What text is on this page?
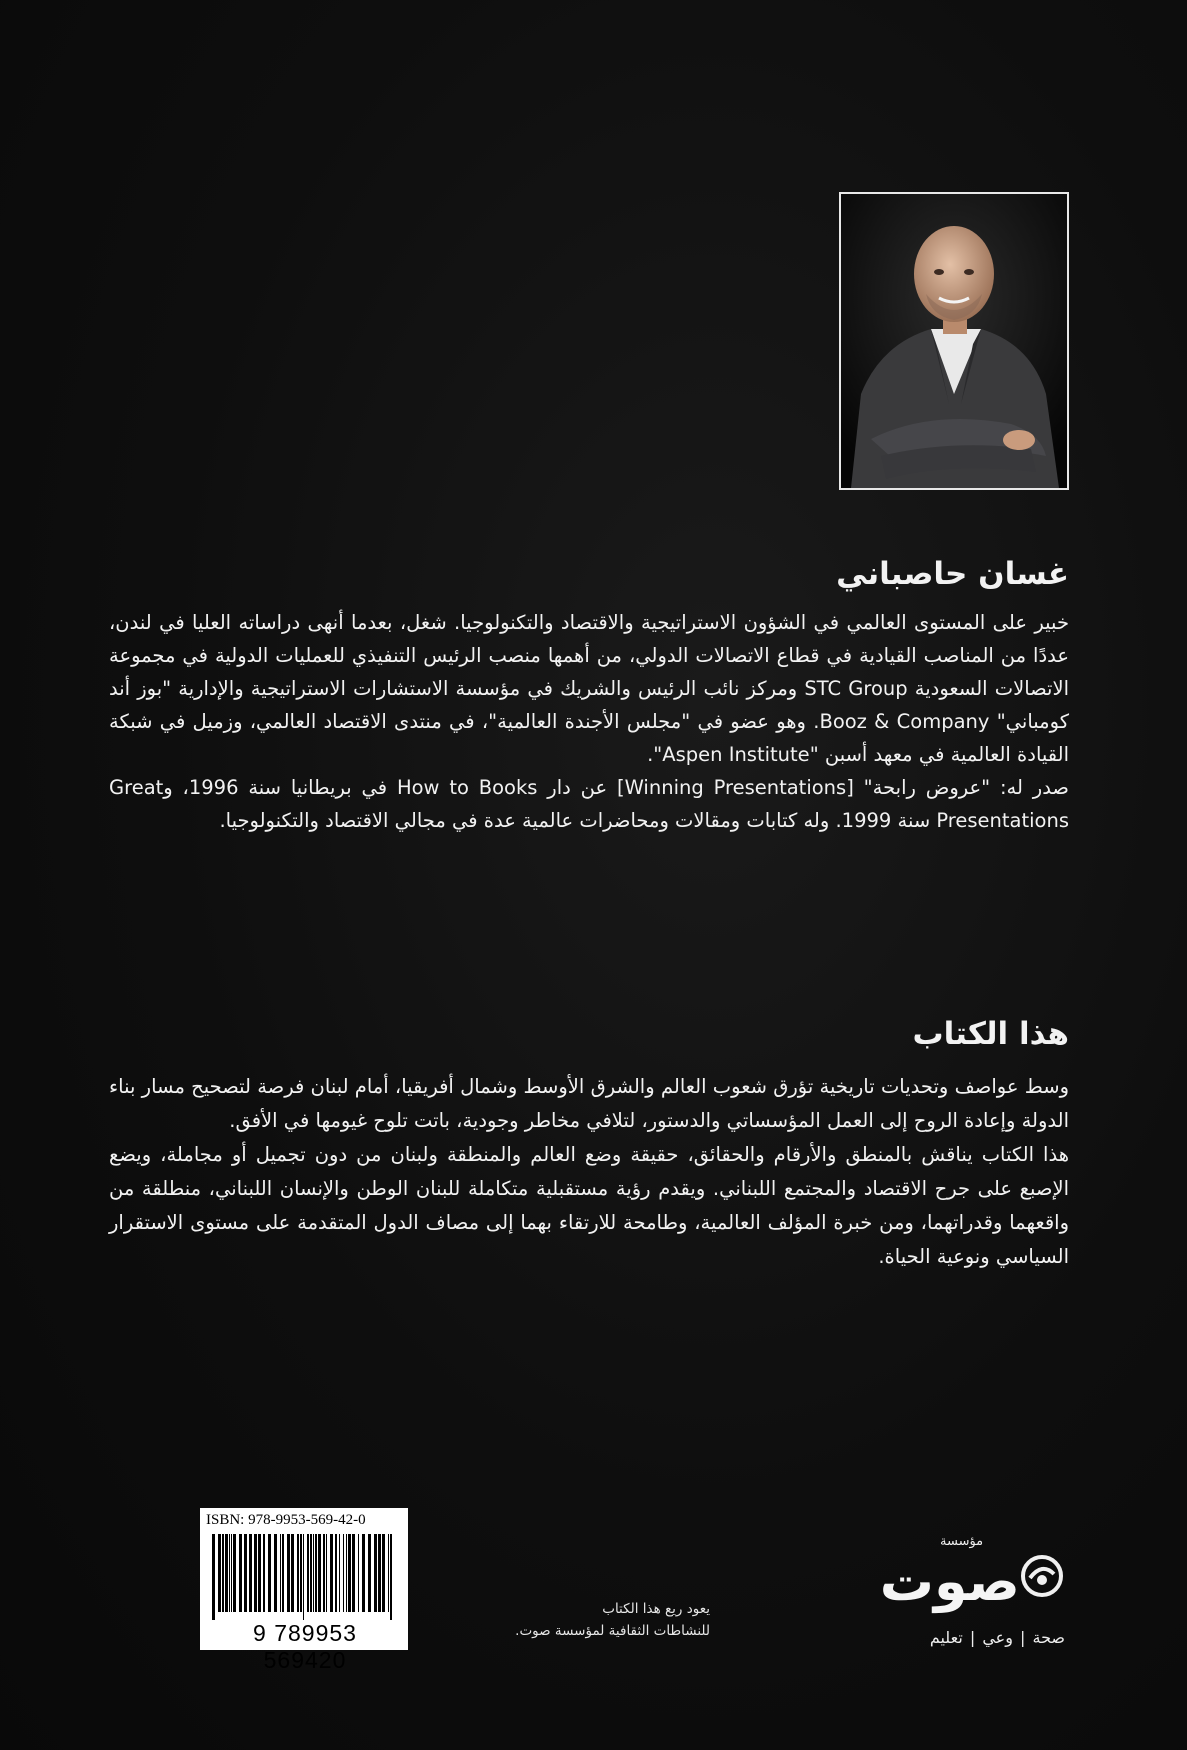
غسان حاصباني

خبير على المستوى العالمي في الشؤون الاستراتيجية والاقتصاد والتكنولوجيا. شغل، بعدما أنهى دراساته العليا في لندن، عددًا من المناصب القيادية في قطاع الاتصالات الدولي، من أهمها منصب الرئيس التنفيذي للعمليات الدولية في مجموعة الاتصالات السعودية STC Group ومركز نائب الرئيس والشريك في مؤسسة الاستشارات الاستراتيجية والإدارية "بوز أند كومباني" Booz & Company. وهو عضو في "مجلس الأجندة العالمية"، في منتدى الاقتصاد العالمي، وزميل في شبكة القيادة العالمية في معهد أسبن "Aspen Institute".

صدر له: "عروض رابحة" [Winning Presentations] عن دار How to Books في بريطانيا سنة 1996، وGreat Presentations سنة 1999. وله كتابات ومقالات ومحاضرات عالمية عدة في مجالي الاقتصاد والتكنولوجيا.

هذا الكتاب

وسط عواصف وتحديات تاريخية تؤرق شعوب العالم والشرق الأوسط وشمال أفريقيا، أمام لبنان فرصة لتصحيح مسار بناء الدولة وإعادة الروح إلى العمل المؤسساتي والدستور، لتلافي مخاطر وجودية، باتت تلوح غيومها في الأفق.

هذا الكتاب يناقش بالمنطق والأرقام والحقائق، حقيقة وضع العالم والمنطقة ولبنان من دون تجميل أو مجاملة، ويضع الإصبع على جرح الاقتصاد والمجتمع اللبناني. ويقدم رؤية مستقبلية متكاملة للبنان الوطن والإنسان اللبناني، منطلقة من واقعهما وقدراتهما، ومن خبرة المؤلف العالمية، وطامحة للارتقاء بهما إلى مصاف الدول المتقدمة على مستوى الاستقرار السياسي ونوعية الحياة.

ISBN: 978-9953-569-42-0
9 789953 569420

يعود ريع هذا الكتاب

للنشاطات الثقافية لمؤسسة صوت.

مؤسسة
صوت
صحة | وعي | تعليم
